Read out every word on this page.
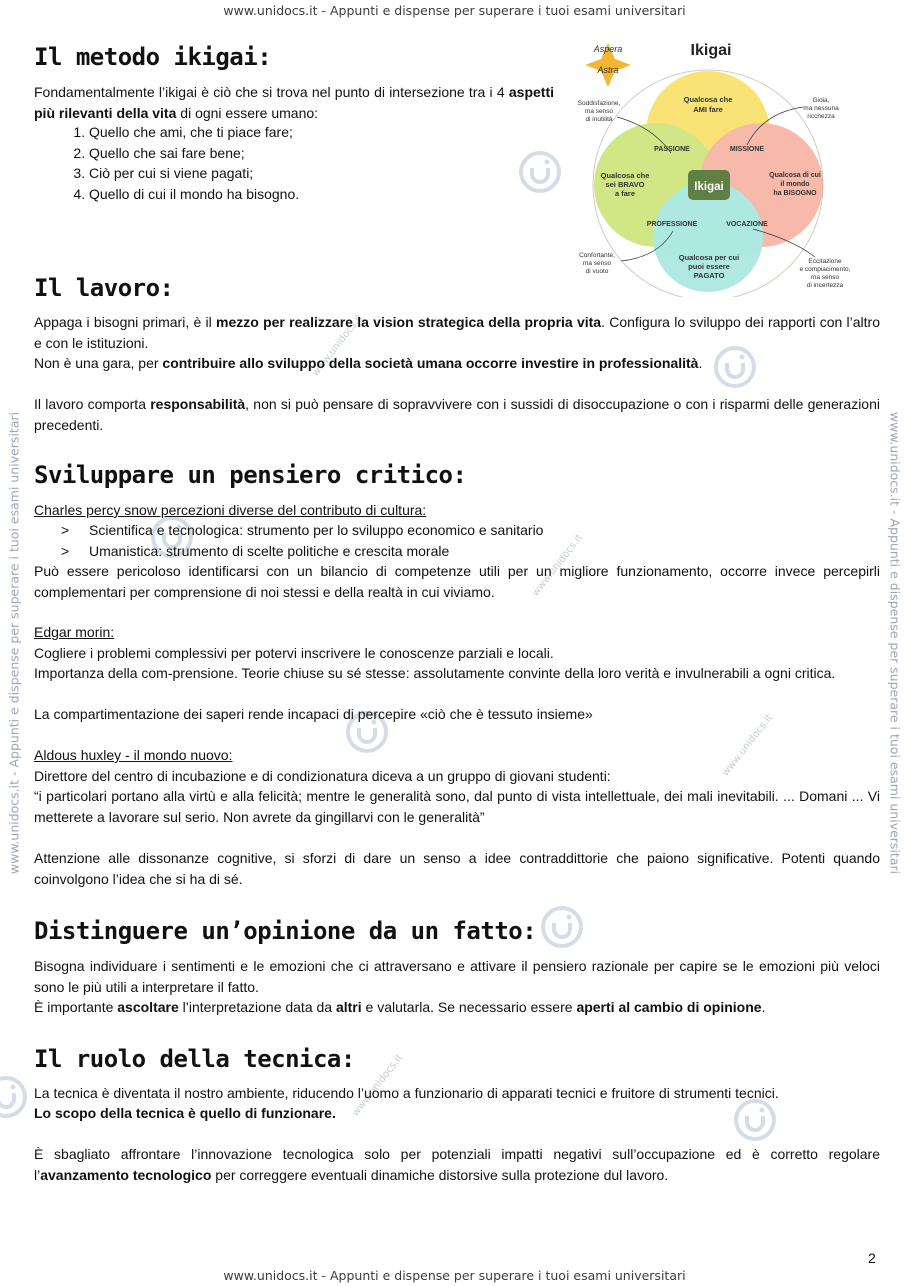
www.unidocs.it - Appunti e dispense per superare i tuoi esami universitari
www.unidocs.it - Appunti e dispense per superare i tuoi esami universitari
www.unidocs.it - Appunti e dispense per superare i tuoi esami universitari	www.unidocs.it - Appunti e dispense per superare i tuoi esami universitari
www.unidocs.it
www.unidocs.it
www.unidocs.it
www.unidocs.it
Il metodo ikigai:

Fondamentalmente l’ikigai è ciò che si trova nel punto di intersezione tra i 4 aspetti più rilevanti della vita di ogni essere umano:

1. Quello che ami, che ti piace fare;
2. Quello che sai fare bene;
3. Ciò per cui si viene pagati;
4. Quello di cui il mondo ha bisogno.
Aspera
Astra
Ikigai
Ikigai
Qualcosa che
AMI fare
Qualcosa che
sei BRAVO
a fare
Qualcosa di cui
il mondo
ha BISOGNO
Qualcosa per cui
puoi essere
PAGATO
PASSIONE	MISSIONE
PROFESSIONE	VOCAZIONE
Soddisfazione,
ma senso
di inutilità
Gioia,
ma nessuna
ricchezza
Confortante,
ma senso
di vuoto
Eccitazione
e compiacimento,
ma senso
di incertezza
Il lavoro:

Appaga i bisogni primari, è il mezzo per realizzare la vision strategica della propria vita. Configura lo sviluppo dei rapporti con l’altro e con le istituzioni.

Non è una gara, per contribuire allo sviluppo della società umana occorre investire in professionalità.

Il lavoro comporta responsabilità, non si può pensare di sopravvivere con i sussidi di disoccupazione o con i risparmi delle generazioni precedenti.

Sviluppare un pensiero critico:

Charles percy snow percezioni diverse del contributo di cultura:

> Scientifica e tecnologica: strumento per lo sviluppo economico e sanitario
> Umanistica: strumento di scelte politiche e crescita morale

Può essere pericoloso identificarsi con un bilancio di competenze utili per un migliore funzionamento, occorre invece percepirli complementari per comprensione di noi stessi e della realtà in cui viviamo.

Edgar morin:

Cogliere i problemi complessivi per potervi inscrivere le conoscenze parziali e locali.

Importanza della com-prensione. Teorie chiuse su sé stesse: assolutamente convinte della loro verità e invulnerabili a ogni critica.

La compartimentazione dei saperi rende incapaci di percepire «ciò che è tessuto insieme»

Aldous huxley - il mondo nuovo:

Direttore del centro di incubazione e di condizionatura diceva a un gruppo di giovani studenti:

“i particolari portano alla virtù e alla felicità; mentre le generalità sono, dal punto di vista intellettuale, dei mali inevitabili. ... Domani ... Vi metterete a lavorare sul serio. Non avrete da gingillarvi con le generalità”

Attenzione alle dissonanze cognitive, si sforzi di dare un senso a idee contraddittorie che paiono significative. Potenti quando coinvolgono l’idea che si ha di sé.

Distinguere un’opinione da un fatto:

Bisogna individuare i sentimenti e le emozioni che ci attraversano e attivare il pensiero razionale per capire se le emozioni più veloci sono le più utili a interpretare il fatto.

È importante ascoltare l’interpretazione data da altri e valutarla. Se necessario essere aperti al cambio di opinione.

Il ruolo della tecnica:

La tecnica è diventata il nostro ambiente, riducendo l’uomo a funzionario di apparati tecnici e fruitore di strumenti tecnici.

Lo scopo della tecnica è quello di funzionare.

È sbagliato affrontare l’innovazione tecnologica solo per potenziali impatti negativi sull’occupazione ed è corretto regolare l’avanzamento tecnologico per correggere eventuali dinamiche distorsive sulla protezione dul lavoro.

2
